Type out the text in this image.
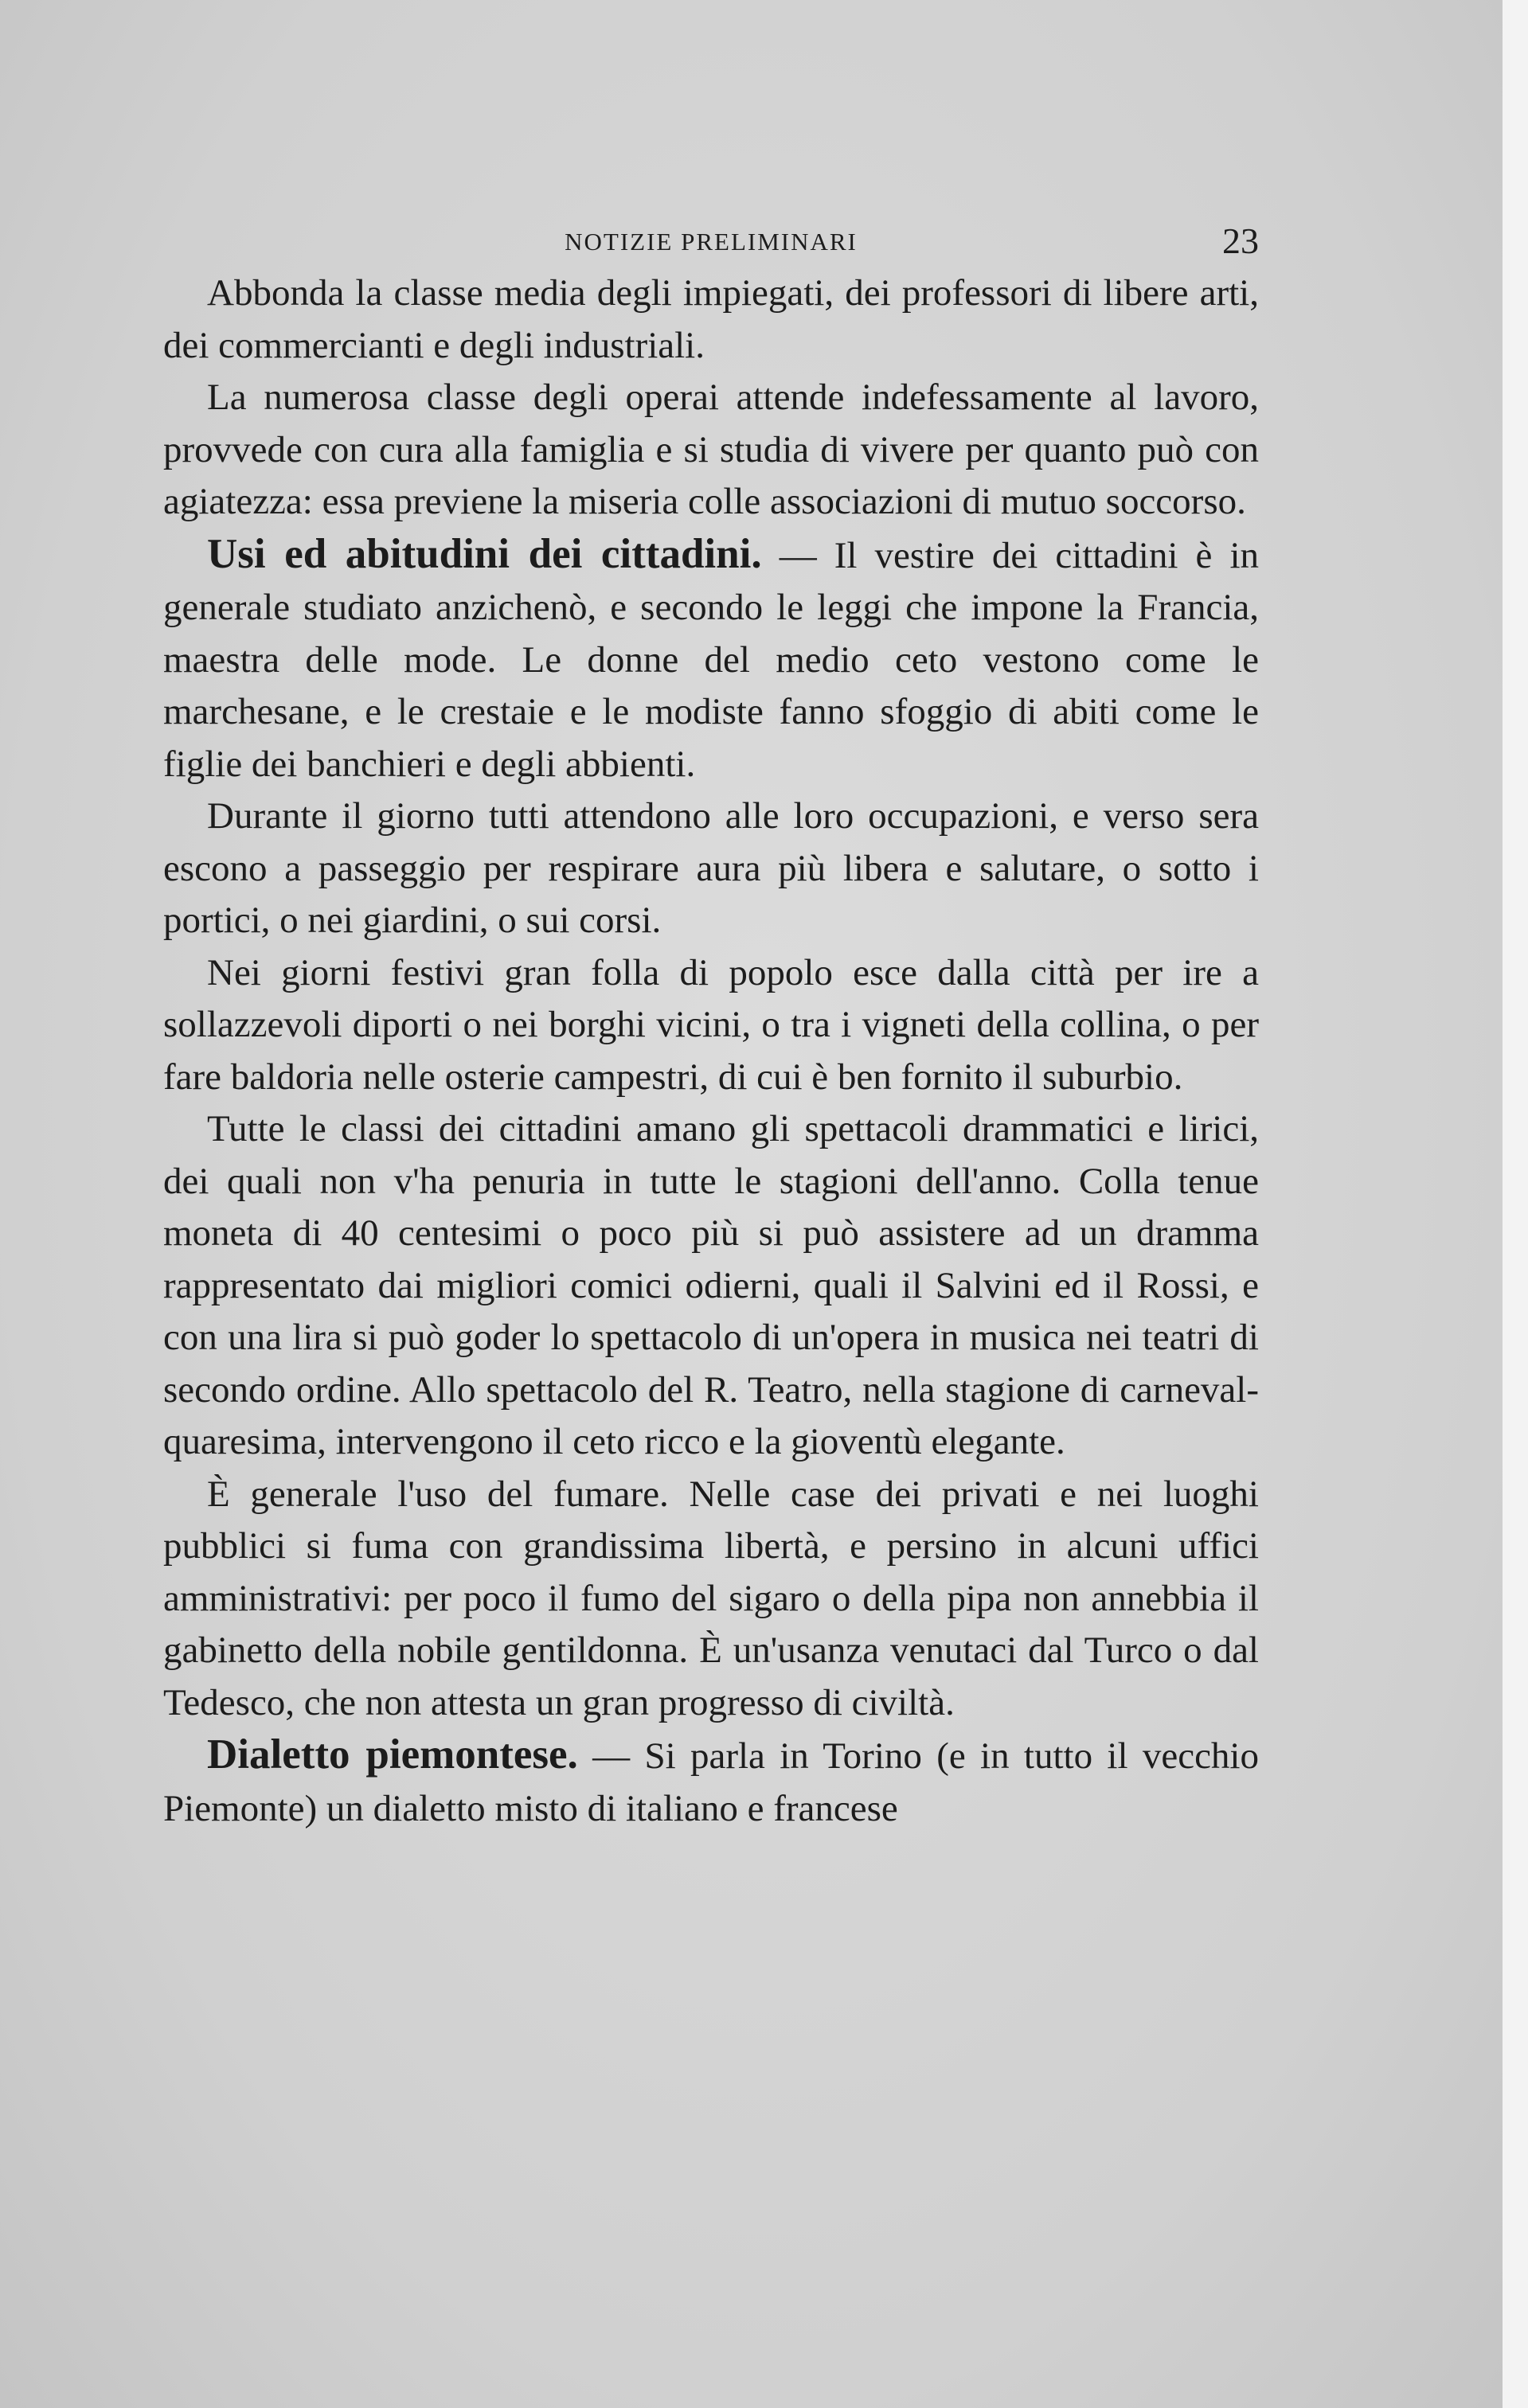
NOTIZIE PRELIMINARI	23

Abbonda la classe media degli impiegati, dei professori di libere arti, dei commercianti e degli industriali.

La numerosa classe degli operai attende indefessamente al lavoro, provvede con cura alla famiglia e si studia di vivere per quanto può con agiatezza: essa previene la miseria colle associazioni di mutuo soccorso.

Usi ed abitudini dei cittadini. — Il vestire dei cittadini è in generale studiato anzichenò, e secondo le leggi che impone la Francia, maestra delle mode. Le donne del medio ceto vestono come le marchesane, e le crestaie e le modiste fanno sfoggio di abiti come le figlie dei banchieri e degli abbienti.

Durante il giorno tutti attendono alle loro occupazioni, e verso sera escono a passeggio per respirare aura più libera e salutare, o sotto i portici, o nei giardini, o sui corsi.

Nei giorni festivi gran folla di popolo esce dalla città per ire a sollazzevoli diporti o nei borghi vicini, o tra i vigneti della collina, o per fare baldoria nelle osterie campestri, di cui è ben fornito il suburbio.

Tutte le classi dei cittadini amano gli spettacoli drammatici e lirici, dei quali non v'ha penuria in tutte le stagioni dell'anno. Colla tenue moneta di 40 centesimi o poco più si può assistere ad un dramma rappresentato dai migliori comici odierni, quali il Salvini ed il Rossi, e con una lira si può goder lo spettacolo di un'opera in musica nei teatri di secondo ordine. Allo spettacolo del R. Teatro, nella stagione di carneval-quaresima, intervengono il ceto ricco e la gioventù elegante.

È generale l'uso del fumare. Nelle case dei privati e nei luoghi pubblici si fuma con grandissima libertà, e persino in alcuni uffici amministrativi: per poco il fumo del sigaro o della pipa non annebbia il gabinetto della nobile gentildonna. È un'usanza venutaci dal Turco o dal Tedesco, che non attesta un gran progresso di civiltà.

Dialetto piemontese. — Si parla in Torino (e in tutto il vecchio Piemonte) un dialetto misto di italiano e francese
